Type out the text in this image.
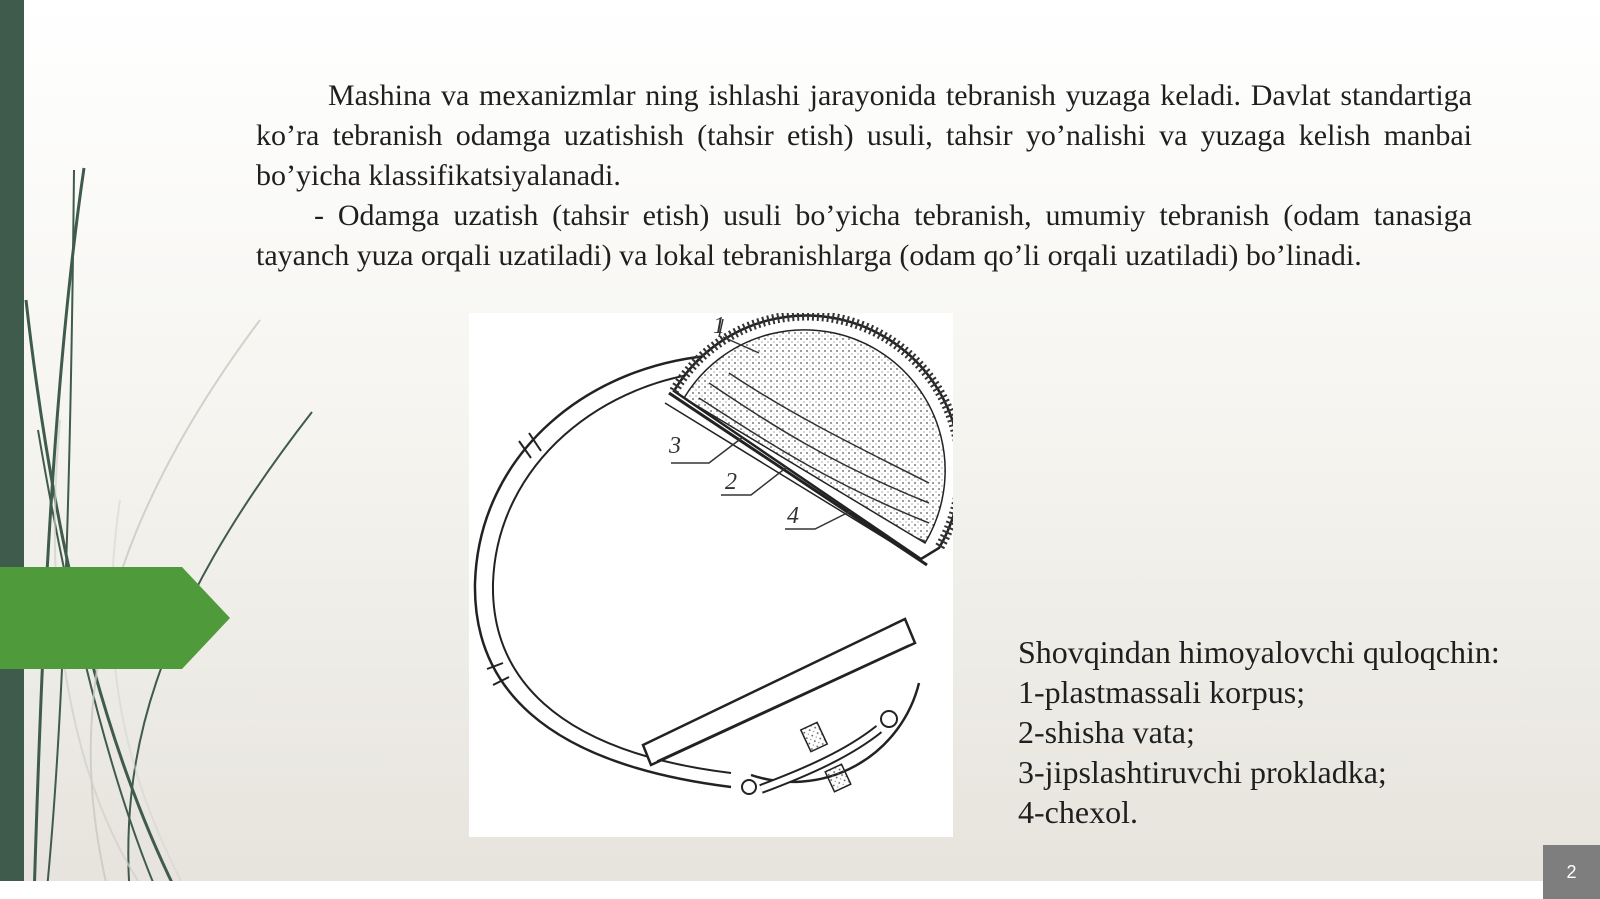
Mashina va mexanizmlar ning ishlashi jarayonida tebranish yuzaga keladi. Davlat standartiga ko’ra tebranish odamga uzatishish (tahsir etish) usuli, tahsir yo’nalishi va yuzaga kelish manbai bo’yicha klassifikatsiyalanadi.

- Odamga uzatish (tahsir etish) usuli bo’yicha tebranish, umumiy tebranish (odam tanasiga tayanch yuza orqali uzatiladi) va lokal tebranishlarga (odam qo’li orqali uzatiladi) bo’linadi.

1
3
2
4
Shovqindan himoyalovchi quloqchin:
1-plastmassali korpus;
2-shisha vata;
3-jipslashtiruvchi prokladka;
4-chexol.
2
